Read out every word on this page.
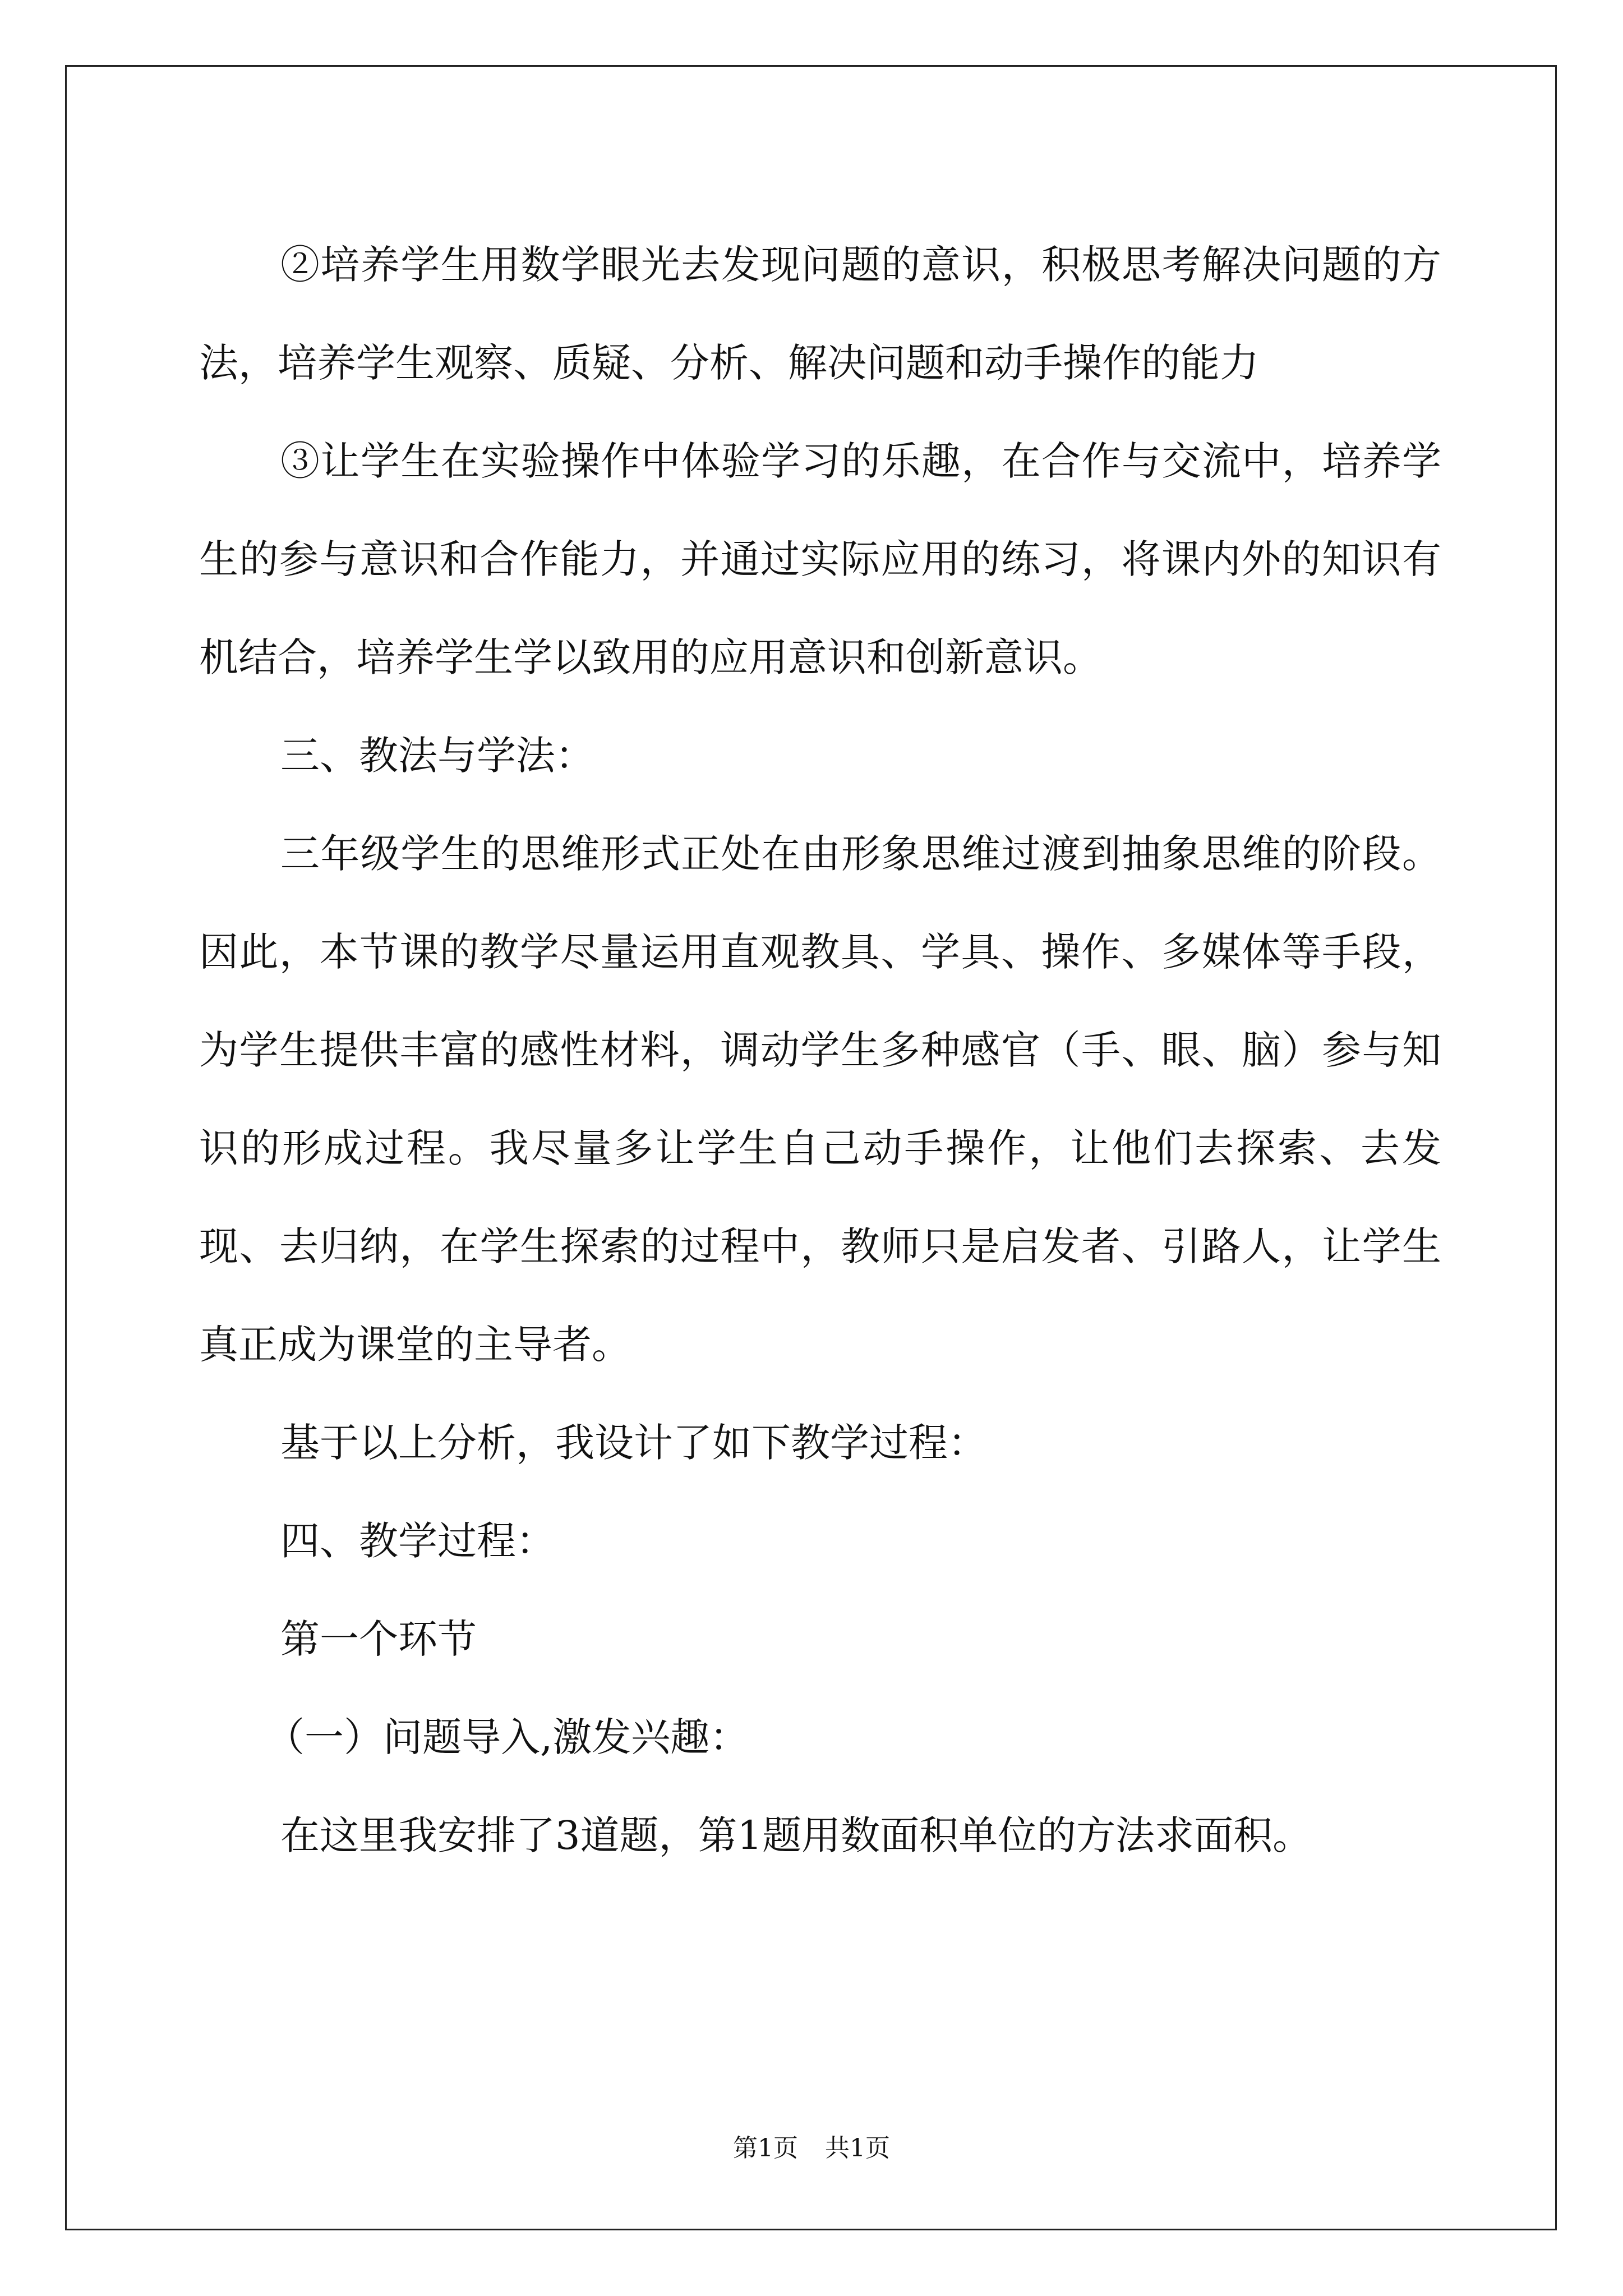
②培养学生用数学眼光去发现问题的意识，积极思考解决问题的方法，培养学生观察、质疑、分析、解决问题和动手操作的能力

③让学生在实验操作中体验学习的乐趣，在合作与交流中，培养学生的参与意识和合作能力，并通过实际应用的练习，将课内外的知识有机结合，培养学生学以致用的应用意识和创新意识。

三、教法与学法：

三年级学生的思维形式正处在由形象思维过渡到抽象思维的阶段。因此，本节课的教学尽量运用直观教具、学具、操作、多媒体等手段，为学生提供丰富的感性材料，调动学生多种感官（手、眼、脑）参与知识的形成过程。我尽量多让学生自己动手操作，让他们去探索、去发现、去归纳，在学生探索的过程中，教师只是启发者、引路人，让学生真正成为课堂的主导者。

基于以上分析，我设计了如下教学过程：

四、教学过程：

第一个环节

（一）问题导入,激发兴趣：

在这里我安排了3道题，第1题用数面积单位的方法求面积。

第1页 共1页
